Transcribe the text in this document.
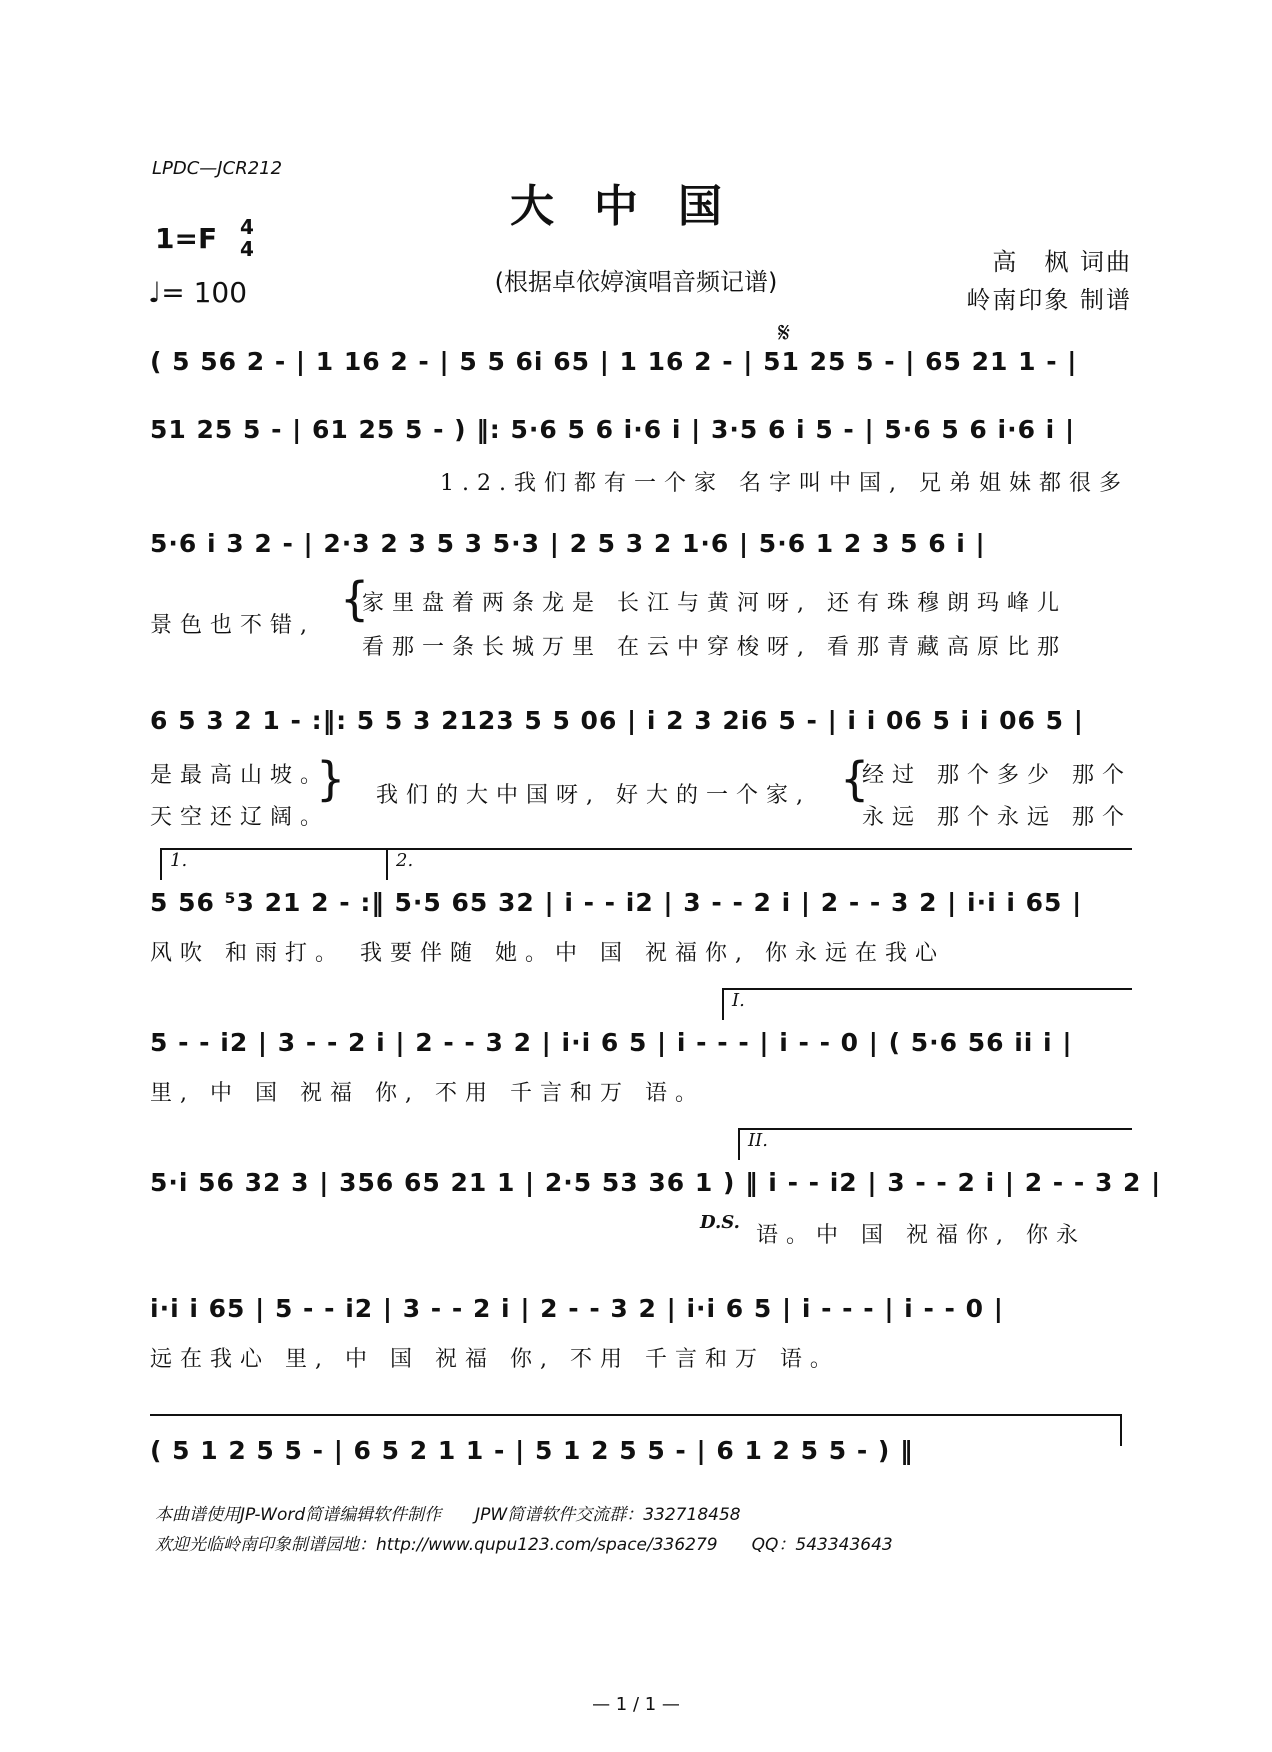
LPDC—JCR212
大中国
1=F 4
4
♩= 100	(根据卓依婷演唱音频记谱)
高　枫 词曲
岭南印象 制谱
𝄋
( 5 56 2 - | 1 16 2 - | 5 5 6i 65 | 1 16 2 - | 51 25 5 - | 65 21 1 - |
51 25 5 - | 61 25 5 - ) ‖: 5·6 5 6 i·6 i | 3·5 6 i 5 - | 5·6 5 6 i·6 i |
1.2.我们都有一个家 名字叫中国, 兄弟姐妹都很多
5·6 i 3 2 - | 2·3 2 3 5 3 5·3 | 2 5 3 2 1·6 | 5·6 1 2 3 5 6 i |
景色也不错, {
家里盘着两条龙是 长江与黄河呀, 还有珠穆朗玛峰儿
看那一条长城万里 在云中穿梭呀, 看那青藏高原比那
6 5 3 2 1 - :‖: 5 5 3 2123 5 5 06 | i 2 3 2i6 5 - | i i 06 5 i i 06 5 |
是最高山坡。
天空还辽阔。
} 我们的大中国呀, 好大的一个家, {
经过 那个多少 那个
永远 那个永远 那个
1.	2.
5 56 ⁵3 21 2 - :‖ 5·5 65 32 | i - - i2 | 3 - - 2 i | 2 - - 3 2 | i·i i 65 |
风吹 和雨打。 我要伴随 她。中 国 祝福你, 你永远在我心
I.
5 - - i2 | 3 - - 2 i | 2 - - 3 2 | i·i 6 5 | i - - - | i - - 0 | ( 5·6 56 ii i |
里, 中 国 祝福 你, 不用 千言和万 语。
II.
5·i 56 32 3 | 356 65 21 1 | 2·5 53 36 1 ) ‖ i - - i2 | 3 - - 2 i | 2 - - 3 2 |
D.S.
语。中 国 祝福你, 你永
i·i i 65 | 5 - - i2 | 3 - - 2 i | 2 - - 3 2 | i·i 6 5 | i - - - | i - - 0 |
远在我心 里, 中 国 祝福 你, 不用 千言和万 语。
( 5 1 2 5 5 - | 6 5 2 1 1 - | 5 1 2 5 5 - | 6 1 2 5 5 - ) ‖
本曲谱使用JP-Word简谱编辑软件制作　　JPW简谱软件交流群：332718458
欢迎光临岭南印象制谱园地：http://www.qupu123.com/space/336279　　QQ：543343643
— 1 / 1 —
